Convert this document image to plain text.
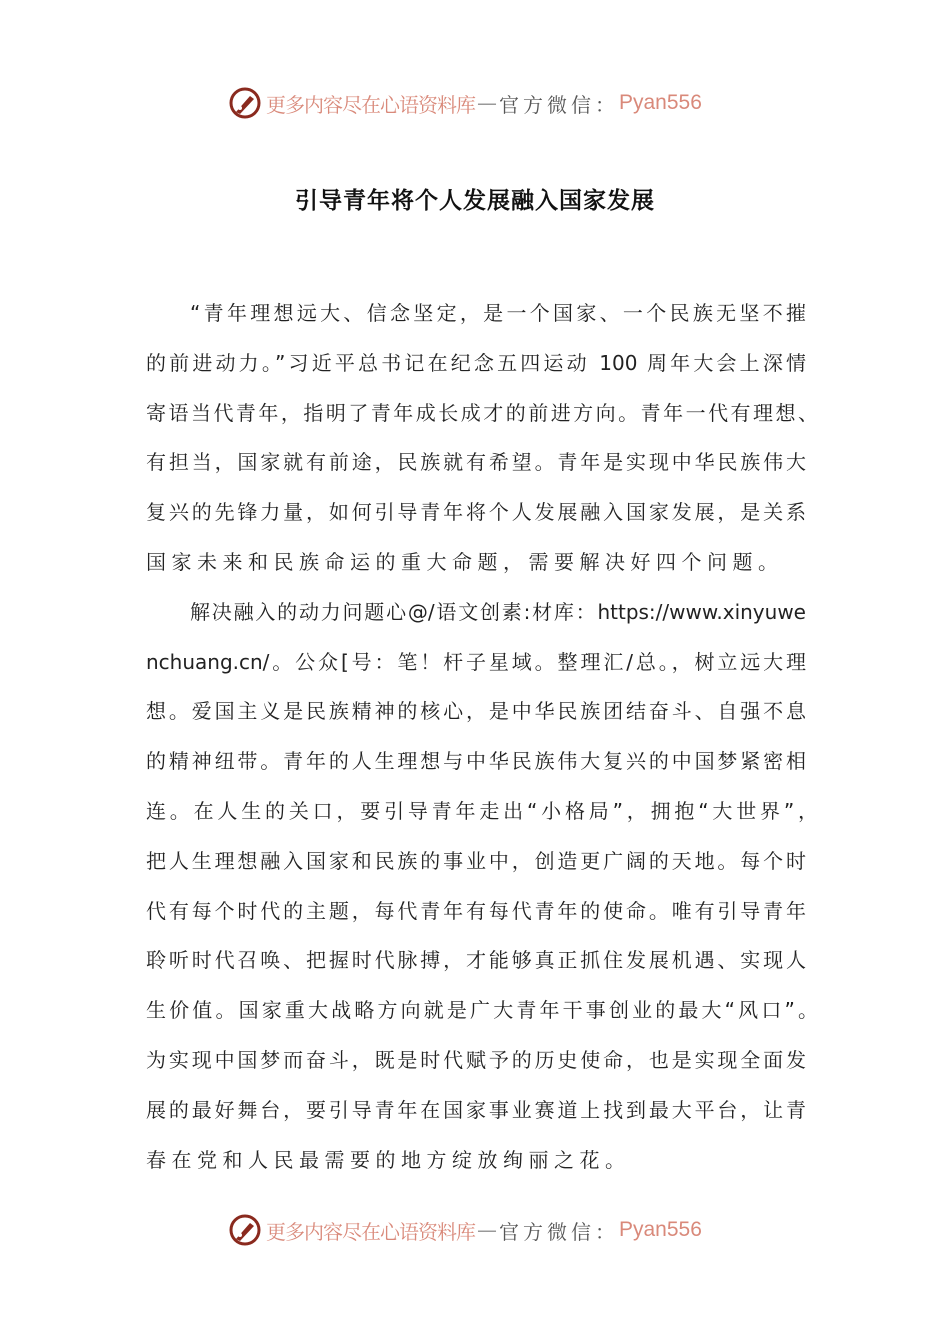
更多内容尽在心语资料库 — 官方微信： Pyan556
引导青年将个人发展融入国家发展
“青年理想远大、信念坚定，是一个国家、一个民族无坚不摧
的前进动力。”习近平总书记在纪念五四运动 100 周年大会上深情
寄语当代青年，指明了青年成长成才的前进方向。青年一代有理想、
有担当，国家就有前途，民族就有希望。青年是实现中华民族伟大
复兴的先锋力量，如何引导青年将个人发展融入国家发展，是关系
国家未来和民族命运的重大命题，需要解决好四个问题。
解决融入的动力问题心@/语文创素:材库：https://www.xinyuwe
nchuang.cn/。公众[号：笔！杆子星域。整理汇/总。，树立远大理
想。爱国主义是民族精神的核心，是中华民族团结奋斗、自强不息
的精神纽带。青年的人生理想与中华民族伟大复兴的中国梦紧密相
连。在人生的关口，要引导青年走出“小格局”，拥抱“大世界”，
把人生理想融入国家和民族的事业中，创造更广阔的天地。每个时
代有每个时代的主题，每代青年有每代青年的使命。唯有引导青年
聆听时代召唤、把握时代脉搏，才能够真正抓住发展机遇、实现人
生价值。国家重大战略方向就是广大青年干事创业的最大“风口”。
为实现中国梦而奋斗，既是时代赋予的历史使命，也是实现全面发
展的最好舞台，要引导青年在国家事业赛道上找到最大平台，让青
春在党和人民最需要的地方绽放绚丽之花。
更多内容尽在心语资料库 — 官方微信： Pyan556
